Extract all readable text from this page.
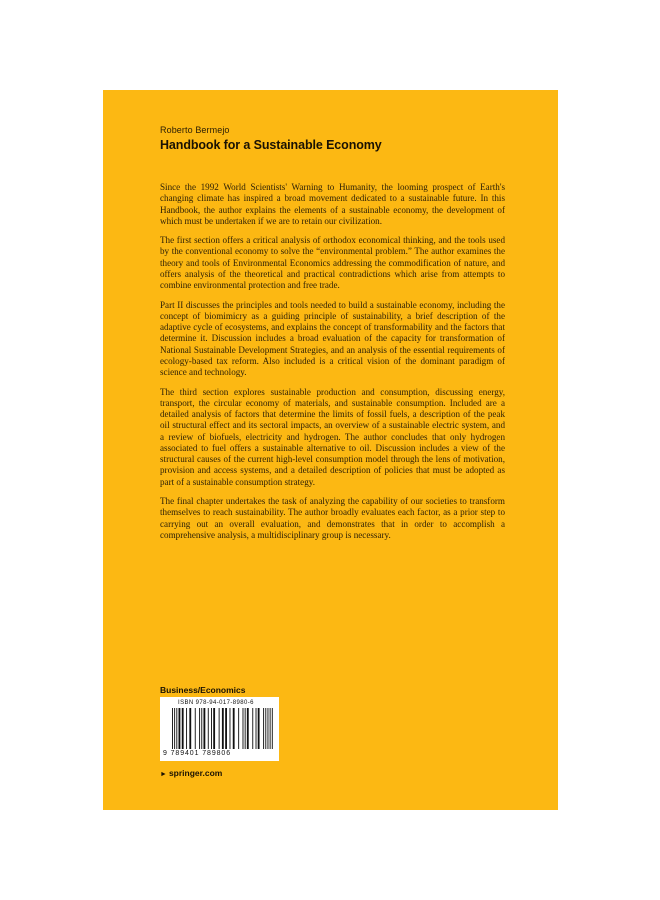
Roberto Bermejo
Handbook for a Sustainable Economy

Since the 1992 World Scientists' Warning to Humanity, the looming prospect of Earth's changing climate has inspired a broad movement dedicated to a sustainable future. In this Handbook, the author explains the elements of a sustainable economy, the development of which must be undertaken if we are to retain our civilization.

The first section offers a critical analysis of orthodox economical thinking, and the tools used by the conventional economy to solve the “environmental problem.” The author examines the theory and tools of Environmental Economics addressing the commodification of nature, and offers analysis of the theoretical and practical contradictions which arise from attempts to combine environmental protection and free trade.

Part II discusses the principles and tools needed to build a sustainable economy, including the concept of biomimicry as a guiding principle of sustainability, a brief description of the adaptive cycle of ecosystems, and explains the concept of transformability and the factors that determine it. Discussion includes a broad evaluation of the capacity for transformation of National Sustainable Development Strategies, and an analysis of the essential requirements of ecology-based tax reform. Also included is a critical vision of the dominant paradigm of science and technology.

The third section explores sustainable production and consumption, discussing energy, transport, the circular economy of materials, and sustainable consumption. Included are a detailed analysis of factors that determine the limits of fossil fuels, a description of the peak oil structural effect and its sectoral impacts, an overview of a sustainable electric system, and a review of biofuels, electricity and hydrogen. The author concludes that only hydrogen associated to fuel offers a sustainable alternative to oil. Discussion includes a view of the structural causes of the current high-level consumption model through the lens of motivation, provision and access systems, and a detailed description of policies that must be adopted as part of a sustainable consumption strategy.

The final chapter undertakes the task of analyzing the capability of our societies to transform themselves to reach sustainability. The author broadly evaluates each factor, as a prior step to carrying out an overall evaluation, and demonstrates that in order to accomplish a comprehensive analysis, a multidisciplinary group is necessary.

Business/Economics
ISBN 978-94-017-8980-6
9 789401 789806
► springer.com
